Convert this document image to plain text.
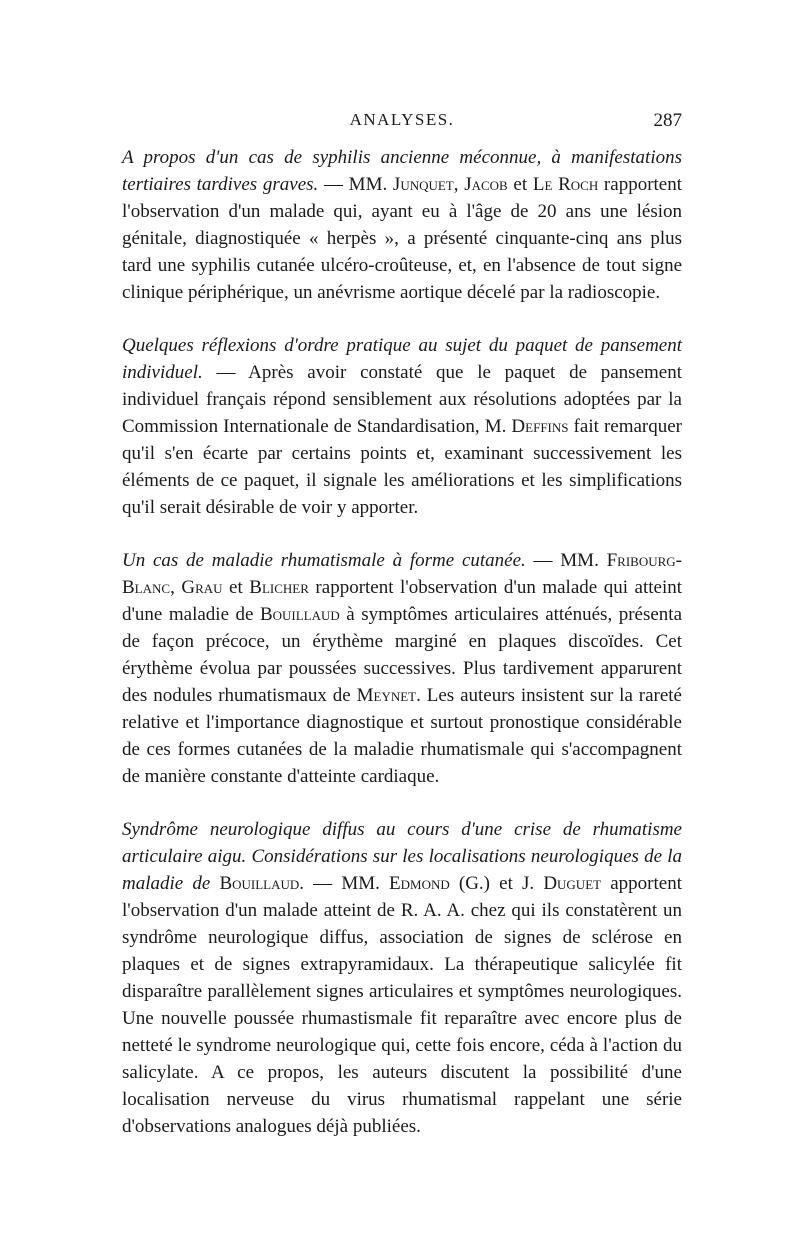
ANALYSES.	287

A propos d'un cas de syphilis ancienne méconnue, à manifestations tertiaires tardives graves. — MM. Junquet, Jacob et Le Roch rapportent l'observation d'un malade qui, ayant eu à l'âge de 20 ans une lésion génitale, diagnostiquée « herpès », a présenté cinquante-cinq ans plus tard une syphilis cutanée ulcéro-croûteuse, et, en l'absence de tout signe clinique périphérique, un anévrisme aortique décelé par la radioscopie.

Quelques réflexions d'ordre pratique au sujet du paquet de pansement individuel. — Après avoir constaté que le paquet de pansement individuel français répond sensiblement aux résolutions adoptées par la Commission Internationale de Standardisation, M. Deffins fait remarquer qu'il s'en écarte par certains points et, examinant successivement les éléments de ce paquet, il signale les améliorations et les simplifications qu'il serait désirable de voir y apporter.

Un cas de maladie rhumatismale à forme cutanée. — MM. Fribourg-Blanc, Grau et Blicher rapportent l'observation d'un malade qui atteint d'une maladie de Bouillaud à symptômes articulaires atténués, présenta de façon précoce, un érythème marginé en plaques discoïdes. Cet érythème évolua par poussées successives. Plus tardivement apparurent des nodules rhumatismaux de Meynet. Les auteurs insistent sur la rareté relative et l'importance diagnostique et surtout pronostique considérable de ces formes cutanées de la maladie rhumatismale qui s'accompagnent de manière constante d'atteinte cardiaque.

Syndrôme neurologique diffus au cours d'une crise de rhumatisme articulaire aigu. Considérations sur les localisations neurologiques de la maladie de Bouillaud. — MM. Edmond (G.) et J. Duguet apportent l'observation d'un malade atteint de R. A. A. chez qui ils constatèrent un syndrôme neurologique diffus, association de signes de sclérose en plaques et de signes extrapyramidaux. La thérapeutique salicylée fit disparaître parallèlement signes articulaires et symptômes neurologiques. Une nouvelle poussée rhumastismale fit reparaître avec encore plus de netteté le syndrome neurologique qui, cette fois encore, céda à l'action du salicylate. A ce propos, les auteurs discutent la possibilité d'une localisation nerveuse du virus rhumatismal rappelant une série d'observations analogues déjà publiées.
